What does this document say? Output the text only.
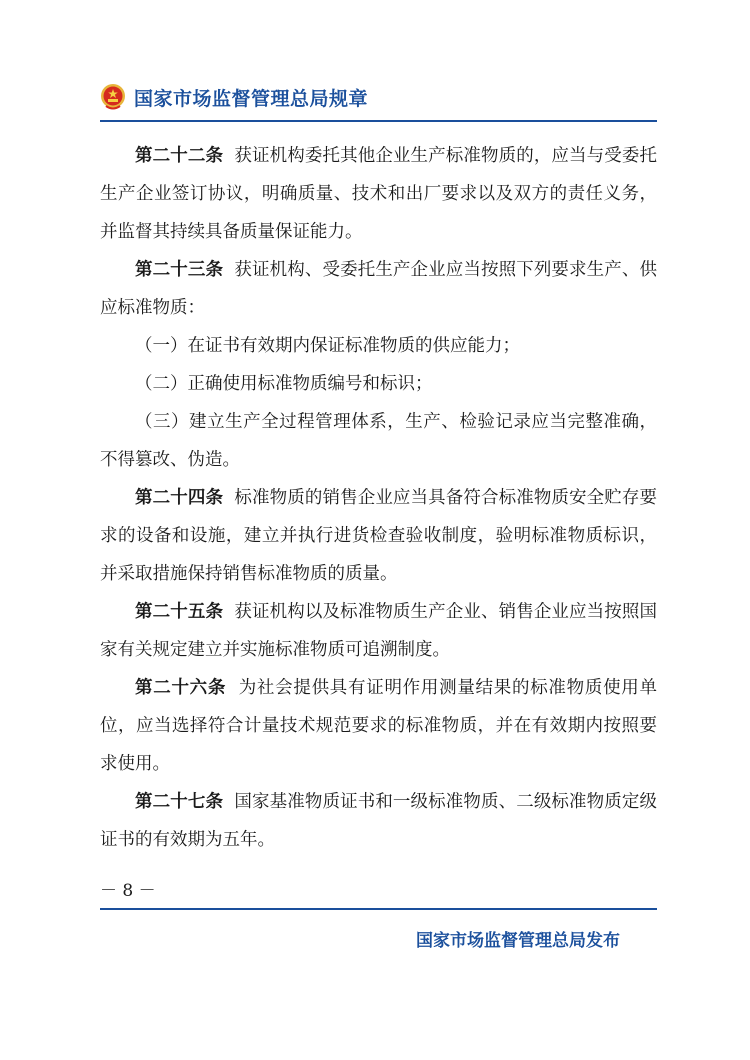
国家市场监督管理总局规章

第二十二条 获证机构委托其他企业生产标准物质的，应当与受委托生产企业签订协议，明确质量、技术和出厂要求以及双方的责任义务，并监督其持续具备质量保证能力。

第二十三条 获证机构、受委托生产企业应当按照下列要求生产、供应标准物质：

（一）在证书有效期内保证标准物质的供应能力；

（二）正确使用标准物质编号和标识；

（三）建立生产全过程管理体系，生产、检验记录应当完整准确，不得篡改、伪造。

第二十四条 标准物质的销售企业应当具备符合标准物质安全贮存要求的设备和设施，建立并执行进货检查验收制度，验明标准物质标识，并采取措施保持销售标准物质的质量。

第二十五条 获证机构以及标准物质生产企业、销售企业应当按照国家有关规定建立并实施标准物质可追溯制度。

第二十六条 为社会提供具有证明作用测量结果的标准物质使用单位，应当选择符合计量技术规范要求的标准物质，并在有效期内按照要求使用。

第二十七条 国家基准物质证书和一级标准物质、二级标准物质定级证书的有效期为五年。

－ 8 －
国家市场监督管理总局发布
